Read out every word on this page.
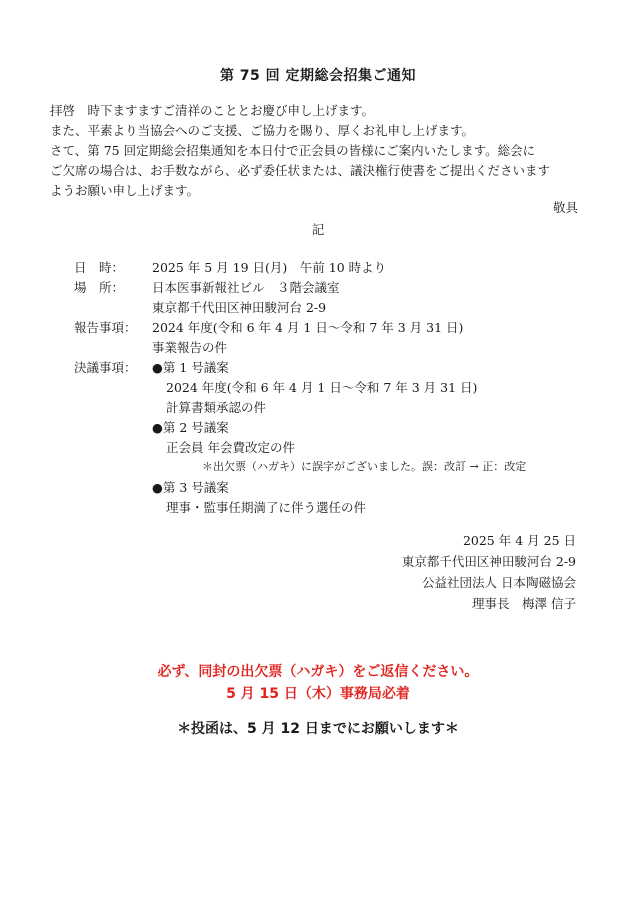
第 75 回 定期総会招集ご通知
拝啓　時下ますますご清祥のこととお慶び申し上げます。
また、平素より当協会へのご支援、ご協力を賜り、厚くお礼申し上げます。
さて、第 75 回定期総会招集通知を本日付で正会員の皆様にご案内いたします。総会に
ご欠席の場合は、お手数ながら、必ず委任状または、議決権行使書をご提出くださいます
ようお願い申し上げます。
敬具
記
日　時：	2025 年 5 月 19 日(月)　午前 10 時より
場　所：	日本医事新報社ビル　３階会議室
東京都千代田区神田駿河台 2-9
報告事項：	2024 年度(令和 6 年 4 月 1 日～令和 7 年 3 月 31 日)
事業報告の件
決議事項：	●第 1 号議案
2024 年度(令和 6 年 4 月 1 日～令和 7 年 3 月 31 日)
計算書類承認の件
●第 2 号議案
正会員 年会費改定の件
＊出欠票（ハガキ）に誤字がございました。誤：改訂 → 正：改定
●第 3 号議案
理事・監事任期満了に伴う選任の件
2025 年 4 月 25 日
東京都千代田区神田駿河台 2-9
公益社団法人 日本陶磁協会
理事長　梅澤 信子
必ず、同封の出欠票（ハガキ）をご返信ください。
5 月 15 日（木）事務局必着
＊投函は、5 月 12 日までにお願いします＊
